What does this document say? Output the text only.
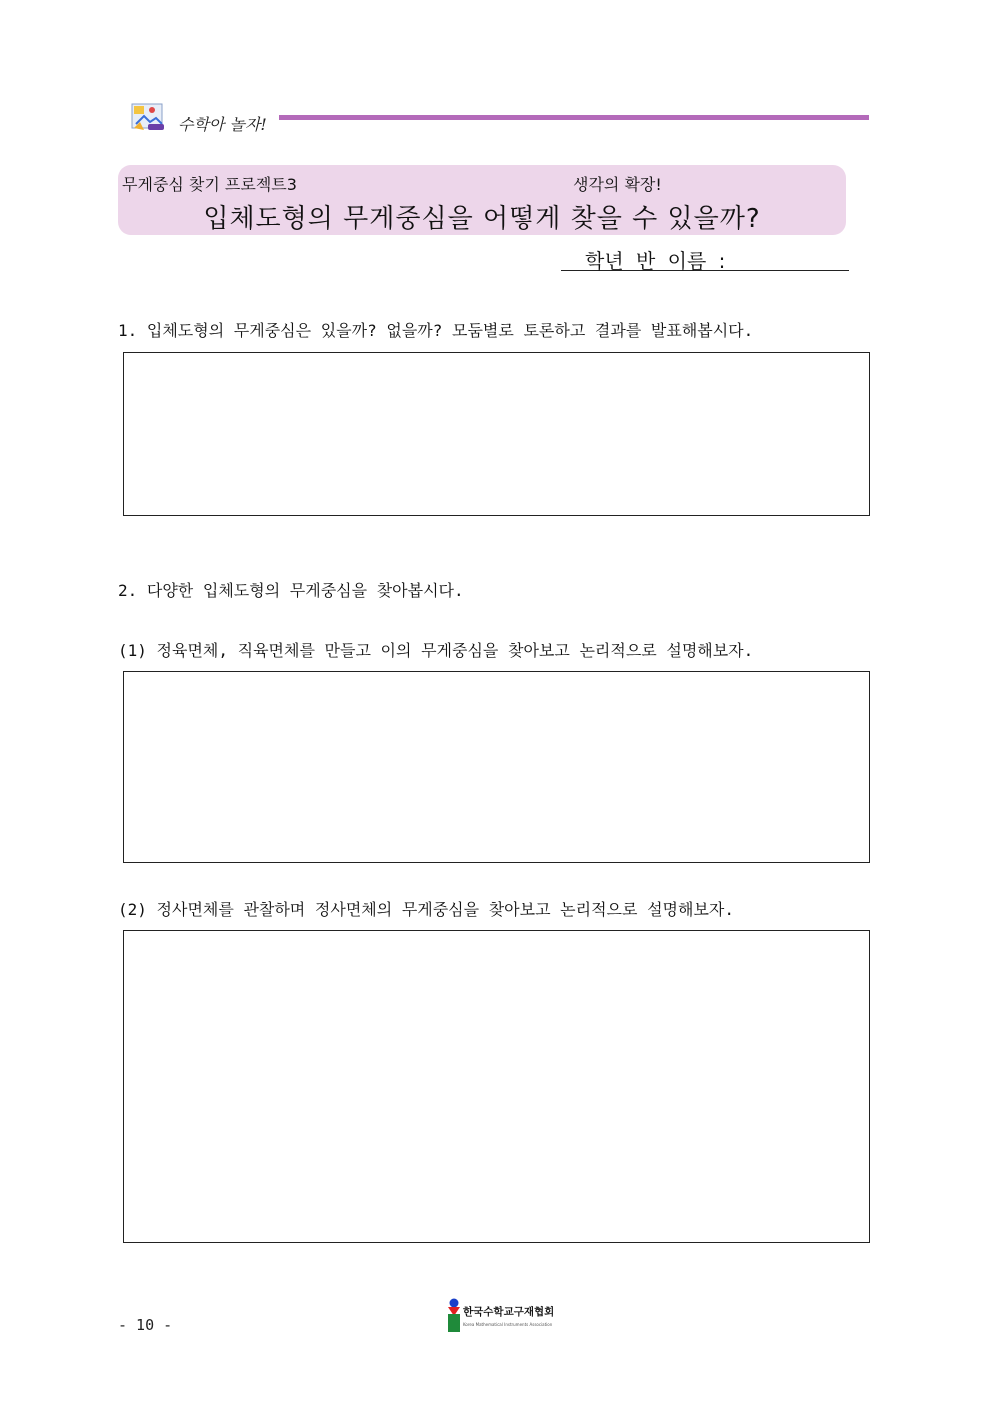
수학아 놀자!
무게중심 찾기 프로젝트3	생각의 확장!
입체도형의 무게중심을 어떻게 찾을 수 있을까?
학년 반 이름 :
1. 입체도형의 무게중심은 있을까? 없을까? 모둠별로 토론하고 결과를 발표해봅시다.
2. 다양한 입체도형의 무게중심을 찾아봅시다.
(1) 정육면체, 직육면체를 만들고 이의 무게중심을 찾아보고 논리적으로 설명해보자.
(2) 정사면체를 관찰하며 정사면체의 무게중심을 찾아보고 논리적으로 설명해보자.
- 10 -
한국수학교구재협회
Korea Mathematical Instruments Association
